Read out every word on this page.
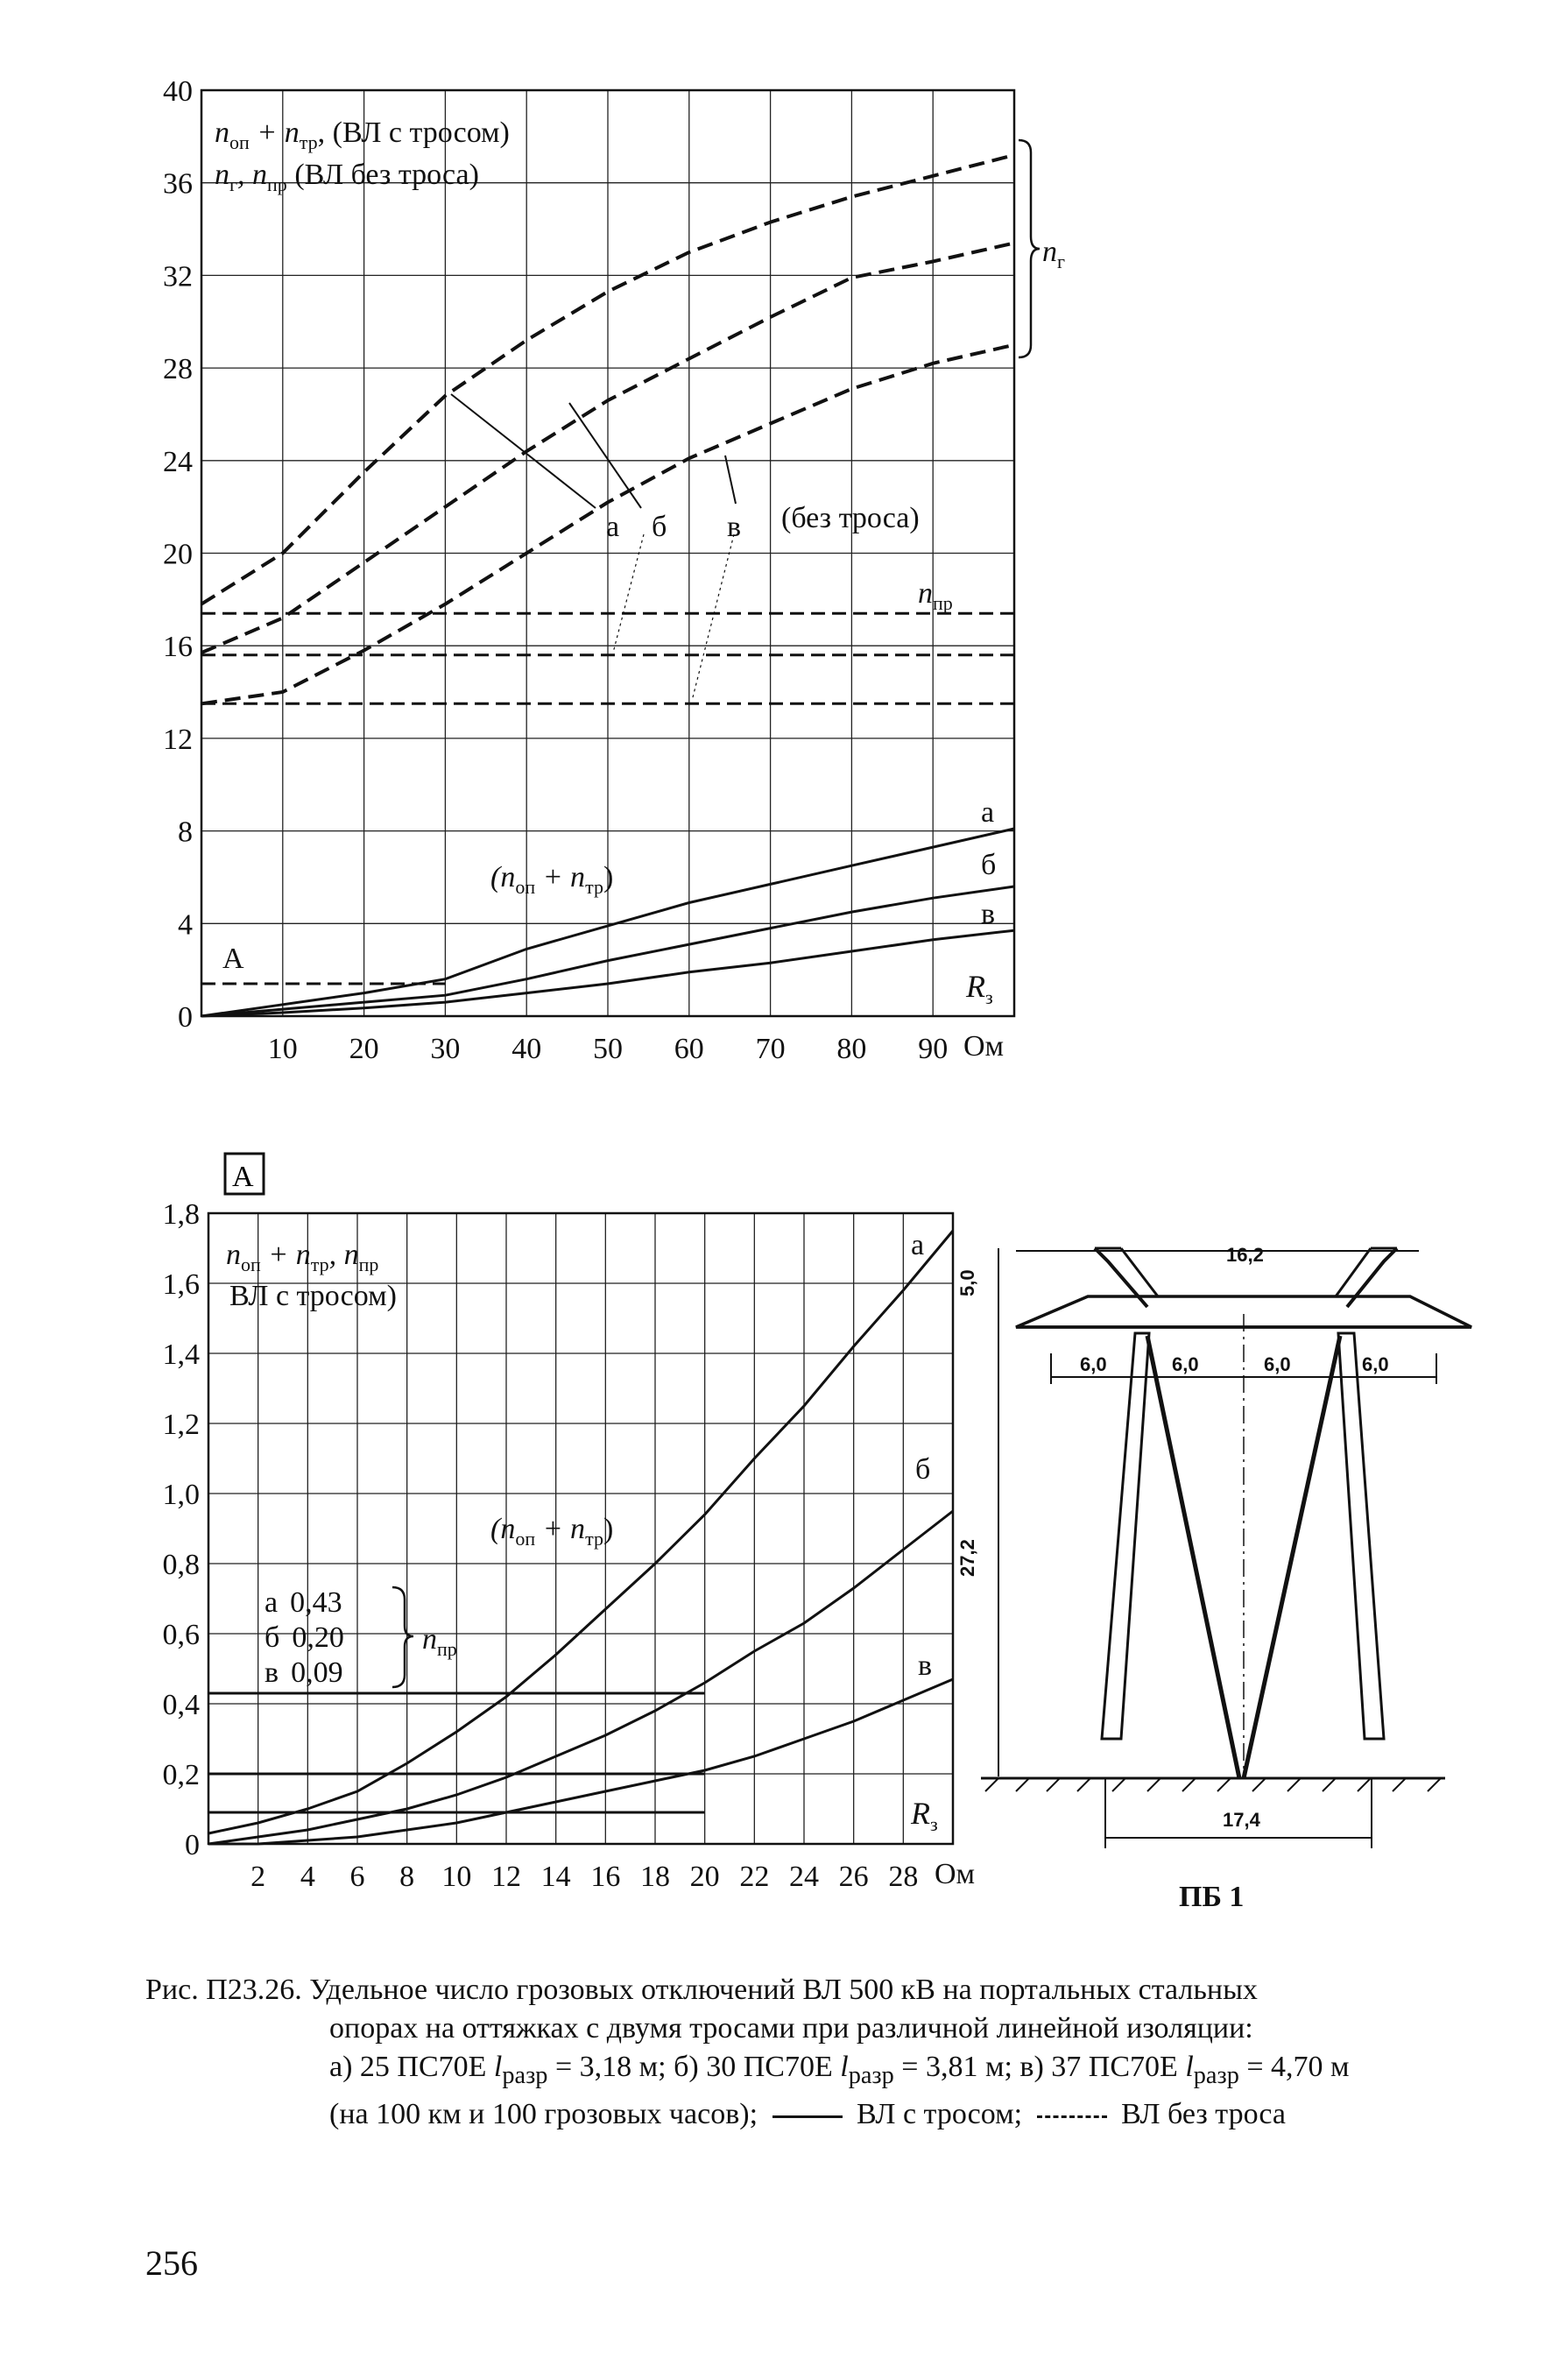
0
4
8
12
16
20
24
28
32
36
40
10 20 30 40 50 60 70 80 90
$n_{оп} + n_{тр}$, (ВЛ с тросом)
$n_г$, $n_{пр}$ (ВЛ без троса)
$n_г$
$n_{пр}$
(без троса)
а б в
$(n_{оп} + n_{тр})$
а
б
в
А
$R_з$
Ом
А
0
0,2
0,4
0,6
0,8
1,0
1,2
1,4
1,6
1,8
2 4 6 8 10 12 14 16 18 20 22 24 26 28
$n_{оп} + n_{тр}$, $n_{пр}$
ВЛ с тросом)
$(n_{оп} + n_{тр})$
а 0,43
б 0,20
в 0,09
$n_{пр}$
а
б
в
$R_з$
Ом
6,0	6,0	6,0	6,0
16,2
5,0
27,2
17,4
ПБ 1
Рис. П23.26. Удельное число грозовых отключений ВЛ 500 кВ на портальных стальных
опорах на оттяжках с двумя тросами при различной линейной изоляции:
а) 25 ПС70Е $l_{разр} = 3,18$ м; б) 30 ПС70Е $l_{разр} = 3,81$ м; в) 37 ПС70Е $l_{разр} = 4,70$ м
(на 100 км и 100 грозовых часов);	ВЛ с тросом;	ВЛ без троса
256
